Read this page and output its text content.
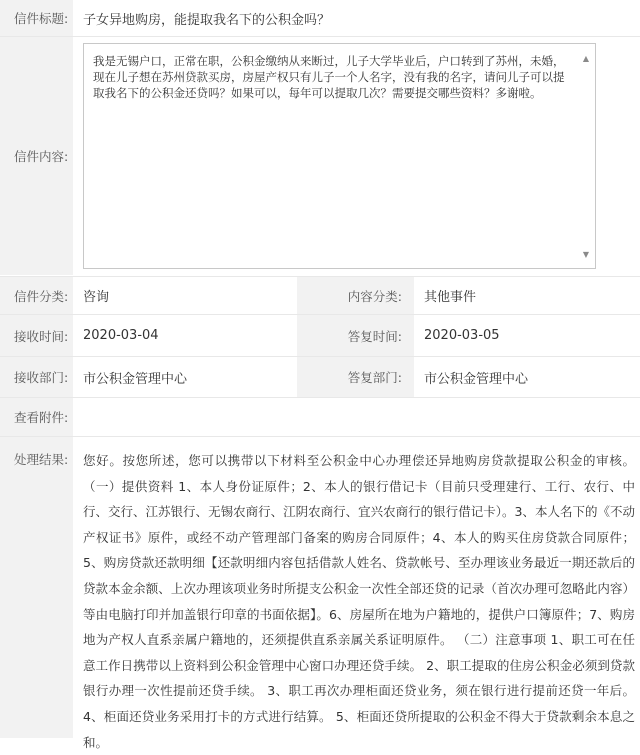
信件标题:	子女异地购房，能提取我名下的公积金吗？
信件内容:
我是无锡户口，正常在职，公积金缴纳从来断过，儿子大学毕业后，户口转到了苏州，未婚，现在儿子想在苏州贷款买房，房屋产权只有儿子一个人名字，没有我的名字，请问儿子可以提取我名下的公积金还贷吗？如果可以，每年可以提取几次？需要提交哪些资料？多谢啦。
▲
▼
信件分类:	咨询	内容分类:	其他事件
接收时间:	2020-03-04	答复时间:	2020-03-05
接收部门:	市公积金管理中心	答复部门:	市公积金管理中心
查看附件:
处理结果:	您好。按您所述，您可以携带以下材料至公积金中心办理偿还异地购房贷款提取公积金的审核。 （一）提供资料 1、本人身份证原件；2、本人的银行借记卡（目前只受理建行、工行、农行、中行、交行、江苏银行、无锡农商行、江阴农商行、宜兴农商行的银行借记卡）。3、本人名下的《不动产权证书》原件，或经不动产管理部门备案的购房合同原件；4、本人的购买住房贷款合同原件；5、购房贷款还款明细【还款明细内容包括借款人姓名、贷款帐号、至办理该业务最近一期还款后的贷款本金余额、上次办理该项业务时所提支公积金一次性全部还贷的记录（首次办理可忽略此内容）等由电脑打印并加盖银行印章的书面依据】。6、房屋所在地为户籍地的，提供户口簿原件；7、购房地为产权人直系亲属户籍地的，还须提供直系亲属关系证明原件。 （二）注意事项 1、职工可在任意工作日携带以上资料到公积金管理中心窗口办理还贷手续。 2、职工提取的住房公积金必须到贷款银行办理一次性提前还贷手续。 3、职工再次办理柜面还贷业务，须在银行进行提前还贷一年后。 4、柜面还贷业务采用打卡的方式进行结算。 5、柜面还贷所提取的公积金不得大于贷款剩余本息之和。
